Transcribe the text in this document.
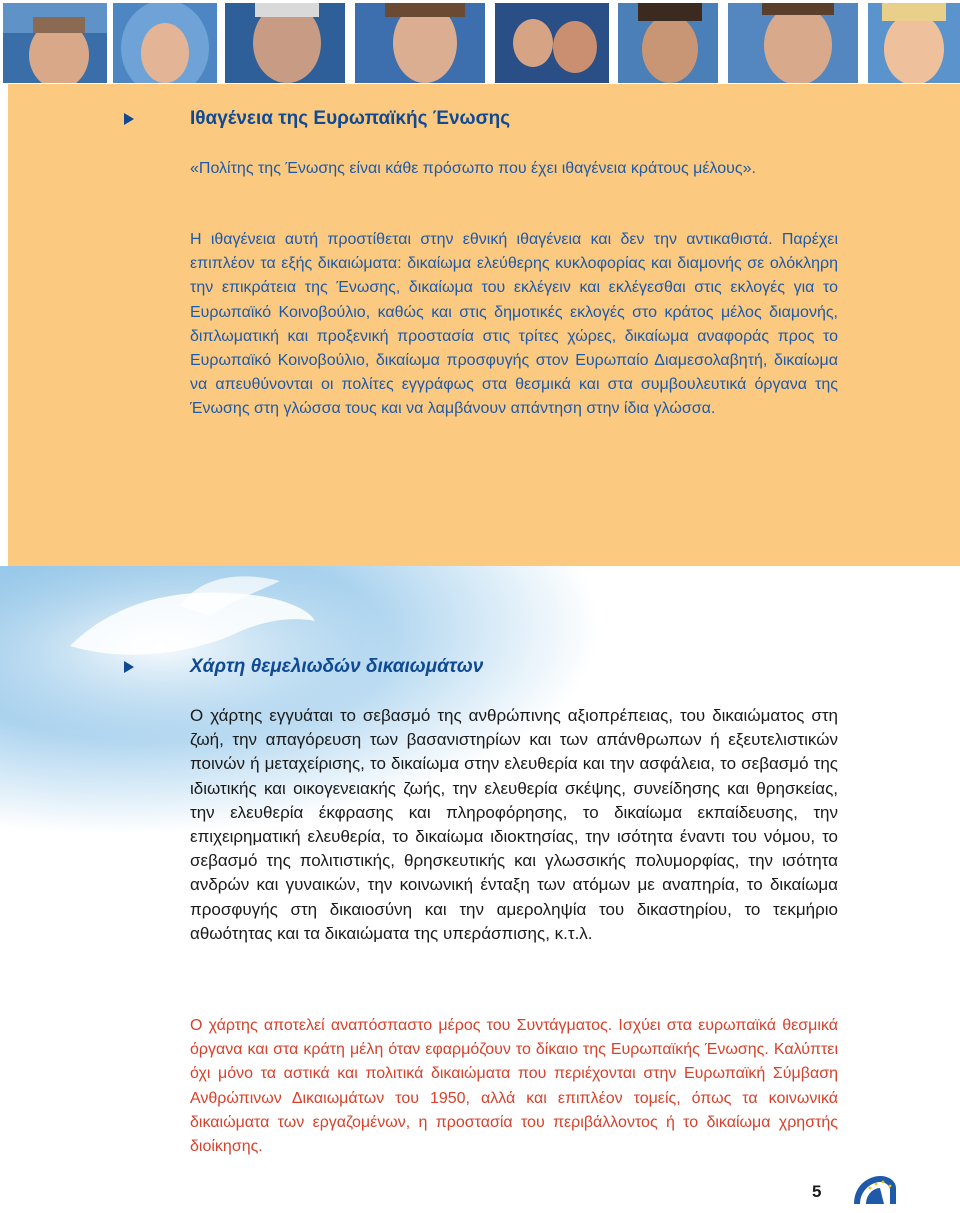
Ιθαγένεια της Ευρωπαϊκής Ένωσης

«Πολίτης της Ένωσης είναι κάθε πρόσωπο που έχει ιθαγένεια κράτους μέλους».

Η ιθαγένεια αυτή προστίθεται στην εθνική ιθαγένεια και δεν την αντικαθιστά. Παρέχει επιπλέον τα εξής δικαιώματα: δικαίωμα ελεύθερης κυκλοφορίας και διαμονής σε ολόκληρη την επικράτεια της Ένωσης, δικαίωμα του εκλέγειν και εκλέγεσθαι στις εκλογές για το Ευρωπαϊκό Κοινοβούλιο, καθώς και στις δημοτικές εκλογές στο κράτος μέλος διαμονής, διπλωματική και προξενική προστασία στις τρίτες χώρες, δικαίωμα αναφοράς προς το Ευρωπαϊκό Κοινοβούλιο, δικαίωμα προσφυγής στον Ευρωπαίο Διαμεσολαβητή, δικαίωμα να απευθύνονται οι πολίτες εγγράφως στα θεσμικά και στα συμβουλευτικά όργανα της Ένωσης στη γλώσσα τους και να λαμβάνουν απάντηση στην ίδια γλώσσα.

Χάρτη θεμελιωδών δικαιωμάτων

Ο χάρτης εγγυάται το σεβασμό της ανθρώπινης αξιοπρέπειας, του δικαιώματος στη ζωή, την απαγόρευση των βασανιστηρίων και των απάνθρωπων ή εξευτελιστικών ποινών ή μεταχείρισης, το δικαίωμα στην ελευθερία και την ασφάλεια, το σεβασμό της ιδιωτικής και οικογενειακής ζωής, την ελευθερία σκέψης, συνείδησης και θρησκείας, την ελευθερία έκφρασης και πληροφόρησης, το δικαίωμα εκπαίδευσης, την επιχειρηματική ελευθερία, το δικαίωμα ιδιοκτησίας, την ισότητα έναντι του νόμου, το σεβασμό της πολιτιστικής, θρησκευτικής και γλωσσικής πολυμορφίας, την ισότητα ανδρών και γυναικών, την κοινωνική ένταξη των ατόμων με αναπηρία, το δικαίωμα προσφυγής στη δικαιοσύνη και την αμεροληψία του δικαστηρίου, το τεκμήριο αθωότητας και τα δικαιώματα της υπεράσπισης, κ.τ.λ.

Ο χάρτης αποτελεί αναπόσπαστο μέρος του Συντάγματος. Ισχύει στα ευρωπαϊκά θεσμικά όργανα και στα κράτη μέλη όταν εφαρμόζουν το δίκαιο της Ευρωπαϊκής Ένωσης. Καλύπτει όχι μόνο τα αστικά και πολιτικά δικαιώματα που περιέχονται στην Ευρωπαϊκή Σύμβαση Ανθρώπινων Δικαιωμάτων του 1950, αλλά και επιπλέον τομείς, όπως τα κοινωνικά δικαιώματα των εργαζομένων, η προστασία του περιβάλλοντος ή το δικαίωμα χρηστής διοίκησης.

5
